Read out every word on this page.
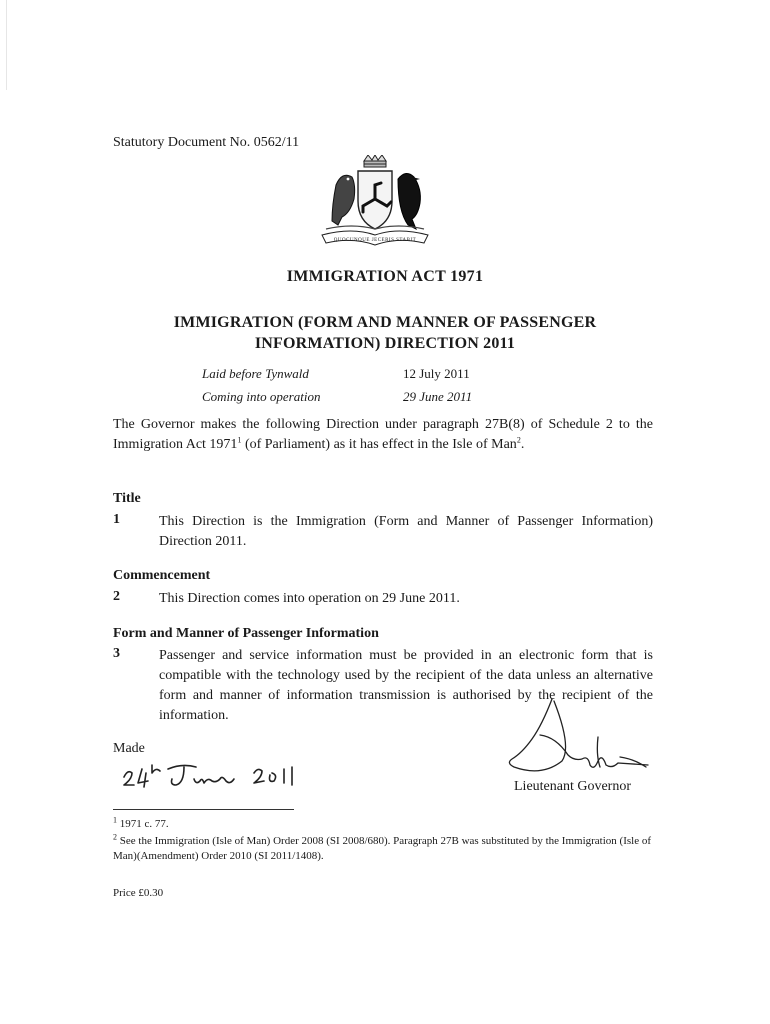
Statutory Document No. 0562/11
QUOCUNQUE JECERIS STABIT
IMMIGRATION ACT 1971
IMMIGRATION (FORM AND MANNER OF PASSENGER INFORMATION) DIRECTION 2011
Laid before Tynwald	12 July 2011
Coming into operation	29 June 2011
The Governor makes the following Direction under paragraph 27B(8) of Schedule 2 to the Immigration Act 1971$^1$ (of Parliament) as it has effect in the Isle of Man$^2$.
Title
1	This Direction is the Immigration (Form and Manner of Passenger Information) Direction 2011.
Commencement
2	This Direction comes into operation on 29 June 2011.
Form and Manner of Passenger Information
3	Passenger and service information must be provided in an electronic form that is compatible with the technology used by the recipient of the data unless an alternative form and manner of information transmission is authorised by the recipient of the information.
Made
Lieutenant Governor
$^1$ 1971 c. 77.
$^2$ See the Immigration (Isle of Man) Order 2008 (SI 2008/680). Paragraph 27B was substituted by the Immigration (Isle of Man)(Amendment) Order 2010 (SI 2011/1408).
Price £0.30
